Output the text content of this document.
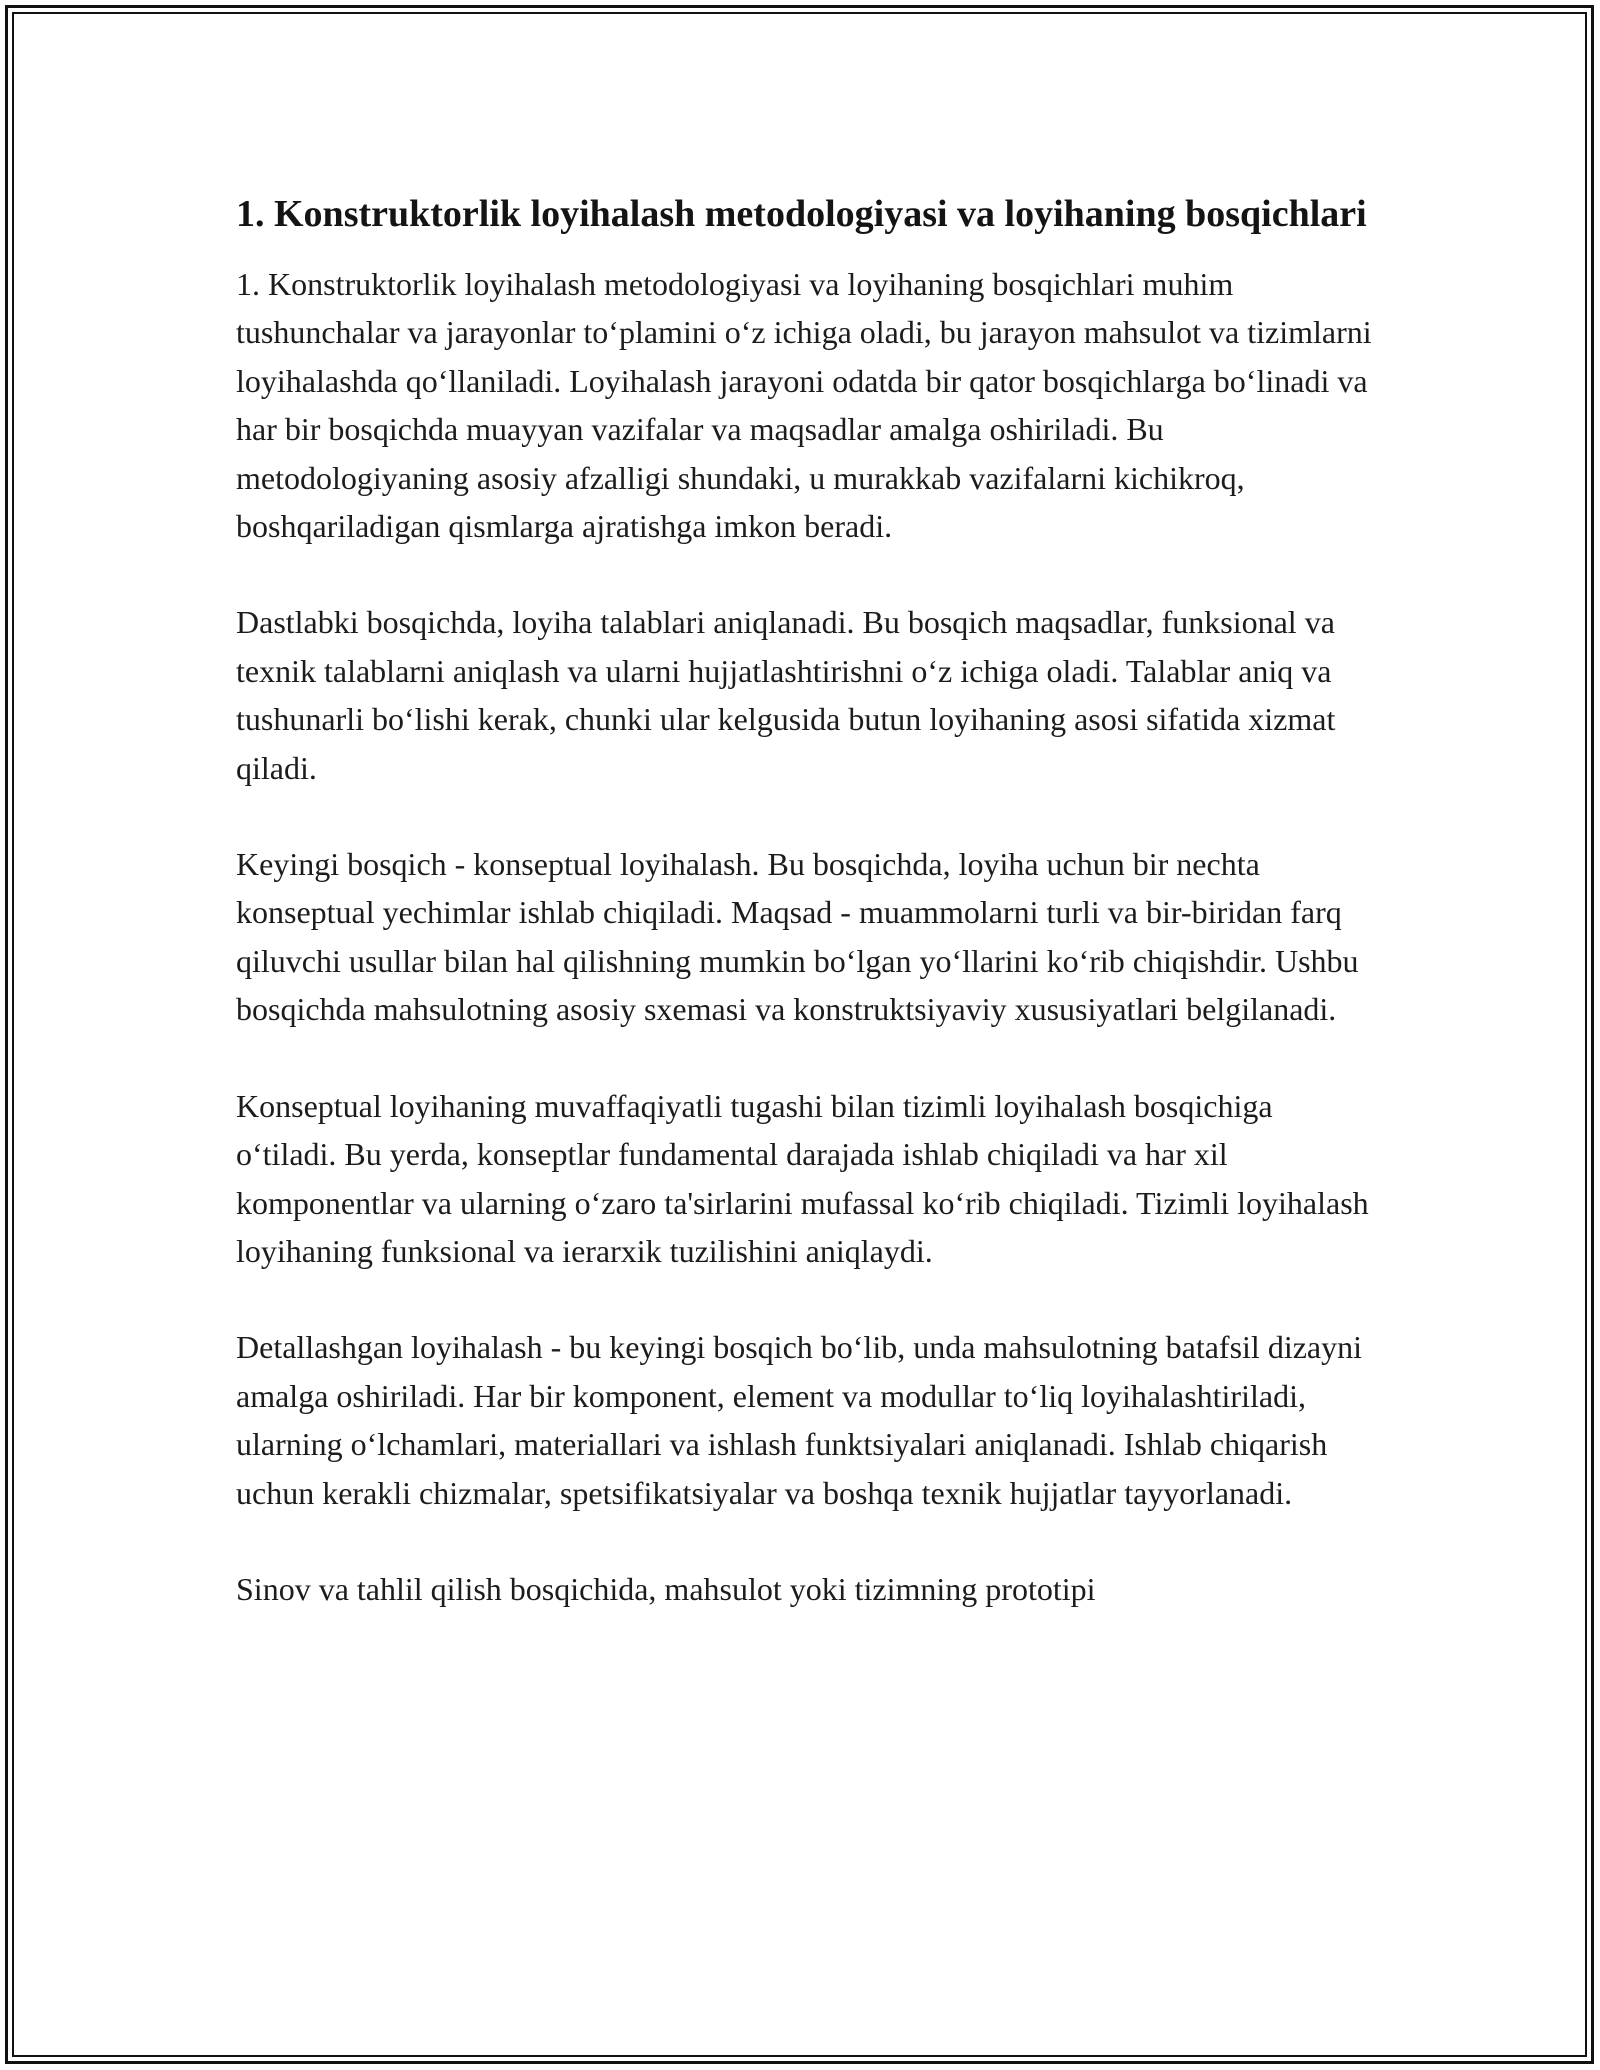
1. Konstruktorlik loyihalash metodologiyasi va loyihaning bosqichlari

1. Konstruktorlik loyihalash metodologiyasi va loyihaning bosqichlari muhim tushunchalar va jarayonlar to‘plamini o‘z ichiga oladi, bu jarayon mahsulot va tizimlarni loyihalashda qo‘llaniladi. Loyihalash jarayoni odatda bir qator bosqichlarga bo‘linadi va har bir bosqichda muayyan vazifalar va maqsadlar amalga oshiriladi. Bu metodologiyaning asosiy afzalligi shundaki, u murakkab vazifalarni kichikroq, boshqariladigan qismlarga ajratishga imkon beradi.

Dastlabki bosqichda, loyiha talablari aniqlanadi. Bu bosqich maqsadlar, funksional va texnik talablarni aniqlash va ularni hujjatlashtirishni o‘z ichiga oladi. Talablar aniq va tushunarli bo‘lishi kerak, chunki ular kelgusida butun loyihaning asosi sifatida xizmat qiladi.

Keyingi bosqich - konseptual loyihalash. Bu bosqichda, loyiha uchun bir nechta konseptual yechimlar ishlab chiqiladi. Maqsad - muammolarni turli va bir-biridan farq qiluvchi usullar bilan hal qilishning mumkin bo‘lgan yo‘llarini ko‘rib chiqishdir. Ushbu bosqichda mahsulotning asosiy sxemasi va konstruktsiyaviy xususiyatlari belgilanadi.

Konseptual loyihaning muvaffaqiyatli tugashi bilan tizimli loyihalash bosqichiga o‘tiladi. Bu yerda, konseptlar fundamental darajada ishlab chiqiladi va har xil komponentlar va ularning o‘zaro ta'sirlarini mufassal ko‘rib chiqiladi. Tizimli loyihalash loyihaning funksional va ierarxik tuzilishini aniqlaydi.

Detallashgan loyihalash - bu keyingi bosqich bo‘lib, unda mahsulotning batafsil dizayni amalga oshiriladi. Har bir komponent, element va modullar to‘liq loyihalashtiriladi, ularning o‘lchamlari, materiallari va ishlash funktsiyalari aniqlanadi. Ishlab chiqarish uchun kerakli chizmalar, spetsifikatsiyalar va boshqa texnik hujjatlar tayyorlanadi.

Sinov va tahlil qilish bosqichida, mahsulot yoki tizimning prototipi
